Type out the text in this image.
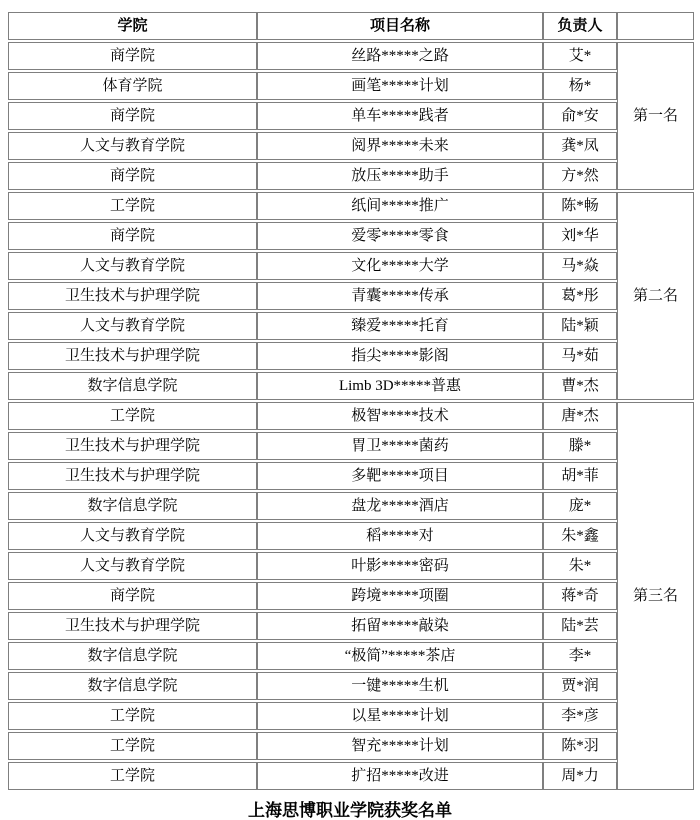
学院	项目名称	负责人	
商学院	丝路*****之路	艾*	第一名
体育学院	画笔*****计划	杨*	
商学院	单车*****践者	俞*安	
人文与教育学院	阅界*****未来	龚*凤	
商学院	放压*****助手	方*然	
工学院	纸间*****推广	陈*畅	第二名
商学院	爱零*****零食	刘*华	
人文与教育学院	文化*****大学	马*焱	
卫生技术与护理学院	青囊*****传承	葛*彤	
人文与教育学院	臻爱*****托育	陆*颖	
卫生技术与护理学院	指尖*****影阁	马*茹	
数字信息学院	Limb 3D*****普惠	曹*杰	
工学院	极智*****技术	唐*杰	第三名
卫生技术与护理学院	胃卫*****菌药	滕*	
卫生技术与护理学院	多靶*****项目	胡*菲	
数字信息学院	盘龙*****酒店	庞*	
人文与教育学院	稻*****对	朱*鑫	
人文与教育学院	叶影*****密码	朱*	
商学院	跨境*****项圈	蒋*奇	
卫生技术与护理学院	拓留*****敲染	陆*芸	
数字信息学院	“极简”*****茶店	李*	
数字信息学院	一键*****生机	贾*润	
工学院	以星*****计划	李*彦	
工学院	智充*****计划	陈*羽	
工学院	扩招*****改进	周*力	
上海思博职业学院获奖名单
